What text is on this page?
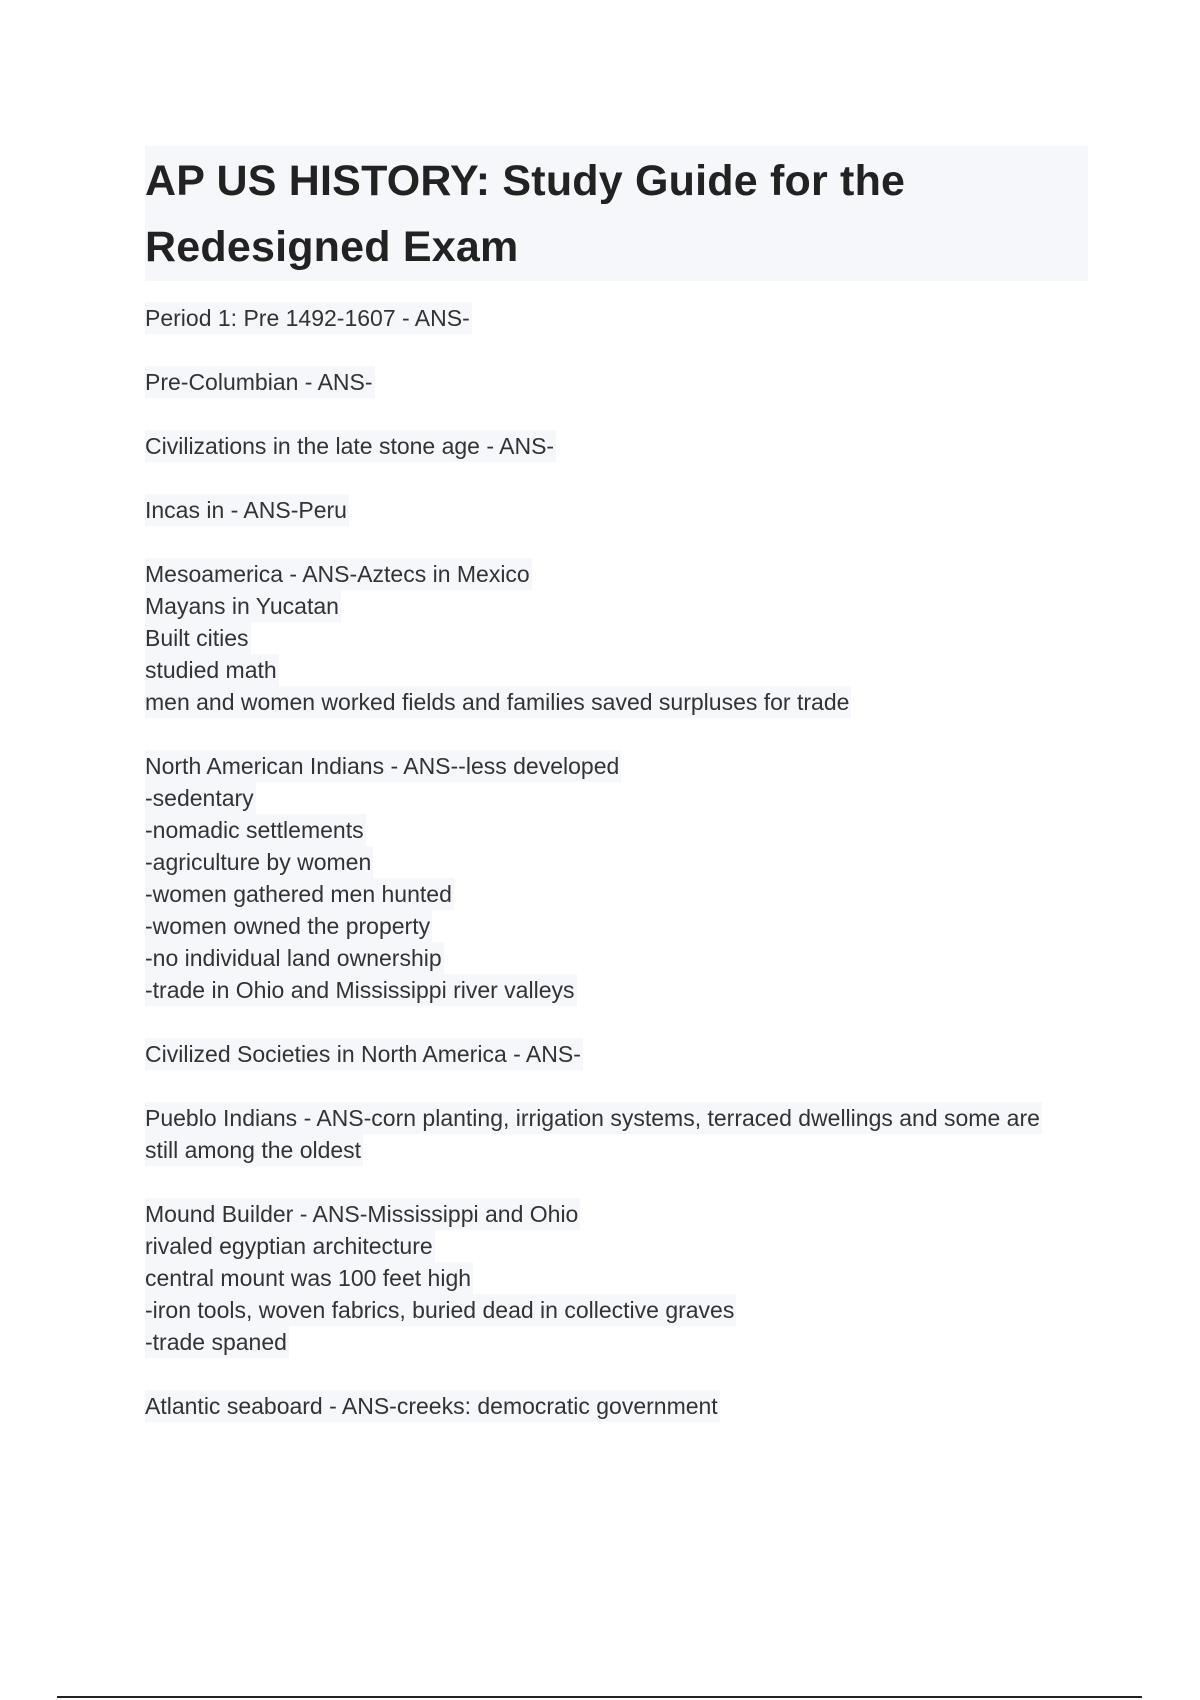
AP US HISTORY: Study Guide for the
Redesigned Exam
Period 1: Pre 1492-1607 - ANS-
Pre-Columbian - ANS-
Civilizations in the late stone age - ANS-
Incas in - ANS-Peru
Mesoamerica - ANS-Aztecs in Mexico
Mayans in Yucatan
Built cities
studied math
men and women worked fields and families saved surpluses for trade
North American Indians - ANS--less developed
-sedentary
-nomadic settlements
-agriculture by women
-women gathered men hunted
-women owned the property
-no individual land ownership
-trade in Ohio and Mississippi river valleys
Civilized Societies in North America - ANS-
Pueblo Indians - ANS-corn planting, irrigation systems, terraced dwellings and some are
still among the oldest
Mound Builder - ANS-Mississippi and Ohio
rivaled egyptian architecture
central mount was 100 feet high
-iron tools, woven fabrics, buried dead in collective graves
-trade spaned
Atlantic seaboard - ANS-creeks: democratic government
